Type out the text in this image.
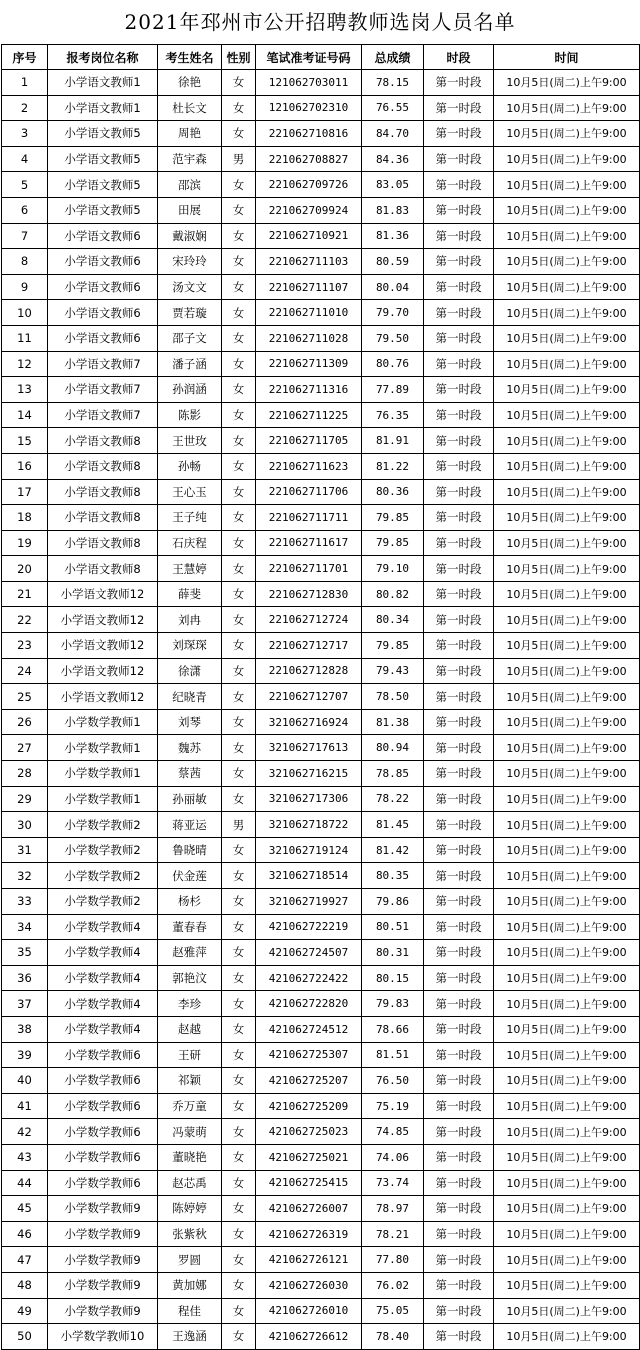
2021年邳州市公开招聘教师选岗人员名单
序号	报考岗位名称	考生姓名	性别	笔试准考证号码	总成绩	时段	时间
1	小学语文教师1	徐艳	女	121062703011	78.15	第一时段	10月5日(周二)上午9:00
2	小学语文教师1	杜长文	女	121062702310	76.55	第一时段	10月5日(周二)上午9:00
3	小学语文教师5	周艳	女	221062710816	84.70	第一时段	10月5日(周二)上午9:00
4	小学语文教师5	范宇森	男	221062708827	84.36	第一时段	10月5日(周二)上午9:00
5	小学语文教师5	邵滨	女	221062709726	83.05	第一时段	10月5日(周二)上午9:00
6	小学语文教师5	田展	女	221062709924	81.83	第一时段	10月5日(周二)上午9:00
7	小学语文教师6	戴淑娴	女	221062710921	81.36	第一时段	10月5日(周二)上午9:00
8	小学语文教师6	宋玲玲	女	221062711103	80.59	第一时段	10月5日(周二)上午9:00
9	小学语文教师6	汤文文	女	221062711107	80.04	第一时段	10月5日(周二)上午9:00
10	小学语文教师6	贾若璇	女	221062711010	79.70	第一时段	10月5日(周二)上午9:00
11	小学语文教师6	邵子文	女	221062711028	79.50	第一时段	10月5日(周二)上午9:00
12	小学语文教师7	潘子涵	女	221062711309	80.76	第一时段	10月5日(周二)上午9:00
13	小学语文教师7	孙润涵	女	221062711316	77.89	第一时段	10月5日(周二)上午9:00
14	小学语文教师7	陈影	女	221062711225	76.35	第一时段	10月5日(周二)上午9:00
15	小学语文教师8	王世玫	女	221062711705	81.91	第一时段	10月5日(周二)上午9:00
16	小学语文教师8	孙畅	女	221062711623	81.22	第一时段	10月5日(周二)上午9:00
17	小学语文教师8	王心玉	女	221062711706	80.36	第一时段	10月5日(周二)上午9:00
18	小学语文教师8	王子纯	女	221062711711	79.85	第一时段	10月5日(周二)上午9:00
19	小学语文教师8	石庆程	女	221062711617	79.85	第一时段	10月5日(周二)上午9:00
20	小学语文教师8	王慧婷	女	221062711701	79.10	第一时段	10月5日(周二)上午9:00
21	小学语文教师12	薛斐	女	221062712830	80.82	第一时段	10月5日(周二)上午9:00
22	小学语文教师12	刘冉	女	221062712724	80.34	第一时段	10月5日(周二)上午9:00
23	小学语文教师12	刘琛琛	女	221062712717	79.85	第一时段	10月5日(周二)上午9:00
24	小学语文教师12	徐潇	女	221062712828	79.43	第一时段	10月5日(周二)上午9:00
25	小学语文教师12	纪晓青	女	221062712707	78.50	第一时段	10月5日(周二)上午9:00
26	小学数学教师1	刘琴	女	321062716924	81.38	第一时段	10月5日(周二)上午9:00
27	小学数学教师1	魏苏	女	321062717613	80.94	第一时段	10月5日(周二)上午9:00
28	小学数学教师1	蔡茜	女	321062716215	78.85	第一时段	10月5日(周二)上午9:00
29	小学数学教师1	孙丽敏	女	321062717306	78.22	第一时段	10月5日(周二)上午9:00
30	小学数学教师2	蒋亚运	男	321062718722	81.45	第一时段	10月5日(周二)上午9:00
31	小学数学教师2	鲁晓晴	女	321062719124	81.42	第一时段	10月5日(周二)上午9:00
32	小学数学教师2	伏金莲	女	321062718514	80.35	第一时段	10月5日(周二)上午9:00
33	小学数学教师2	杨杉	女	321062719927	79.86	第一时段	10月5日(周二)上午9:00
34	小学数学教师4	董春春	女	421062722219	80.51	第一时段	10月5日(周二)上午9:00
35	小学数学教师4	赵雅萍	女	421062724507	80.31	第一时段	10月5日(周二)上午9:00
36	小学数学教师4	郭艳汶	女	421062722422	80.15	第一时段	10月5日(周二)上午9:00
37	小学数学教师4	李珍	女	421062722820	79.83	第一时段	10月5日(周二)上午9:00
38	小学数学教师4	赵越	女	421062724512	78.66	第一时段	10月5日(周二)上午9:00
39	小学数学教师6	王研	女	421062725307	81.51	第一时段	10月5日(周二)上午9:00
40	小学数学教师6	祁颖	女	421062725207	76.50	第一时段	10月5日(周二)上午9:00
41	小学数学教师6	乔万童	女	421062725209	75.19	第一时段	10月5日(周二)上午9:00
42	小学数学教师6	冯蒙萌	女	421062725023	74.85	第一时段	10月5日(周二)上午9:00
43	小学数学教师6	董晓艳	女	421062725021	74.06	第一时段	10月5日(周二)上午9:00
44	小学数学教师6	赵芯禹	女	421062725415	73.74	第一时段	10月5日(周二)上午9:00
45	小学数学教师9	陈婷婷	女	421062726007	78.97	第一时段	10月5日(周二)上午9:00
46	小学数学教师9	张紫秋	女	421062726319	78.21	第一时段	10月5日(周二)上午9:00
47	小学数学教师9	罗圆	女	421062726121	77.80	第一时段	10月5日(周二)上午9:00
48	小学数学教师9	黄加娜	女	421062726030	76.02	第一时段	10月5日(周二)上午9:00
49	小学数学教师9	程佳	女	421062726010	75.05	第一时段	10月5日(周二)上午9:00
50	小学数学教师10	王逸涵	女	421062726612	78.40	第一时段	10月5日(周二)上午9:00
